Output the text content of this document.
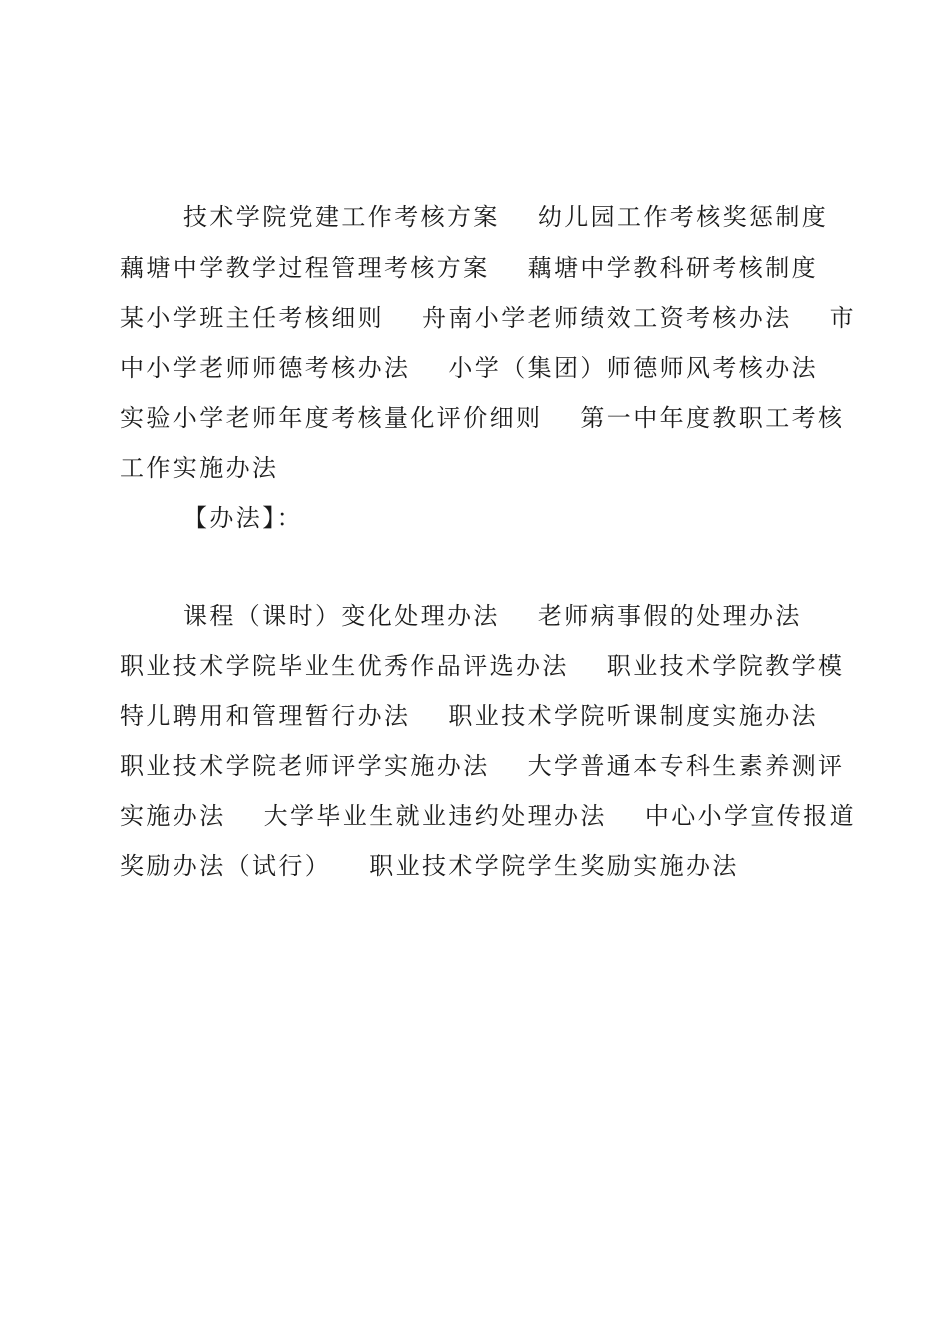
技术学院党建工作考核方案 幼儿园工作考核奖惩制度
藕塘中学教学过程管理考核方案 藕塘中学教科研考核制度
某小学班主任考核细则 舟南小学老师绩效工资考核办法 市
中小学老师师德考核办法 小学（集团）师德师风考核办法
实验小学老师年度考核量化评价细则 第一中年度教职工考核
工作实施办法
【办法】：
课程（课时）变化处理办法 老师病事假的处理办法
职业技术学院毕业生优秀作品评选办法 职业技术学院教学模
特儿聘用和管理暂行办法 职业技术学院听课制度实施办法
职业技术学院老师评学实施办法 大学普通本专科生素养测评
实施办法 大学毕业生就业违约处理办法 中心小学宣传报道
奖励办法（试行） 职业技术学院学生奖励实施办法
